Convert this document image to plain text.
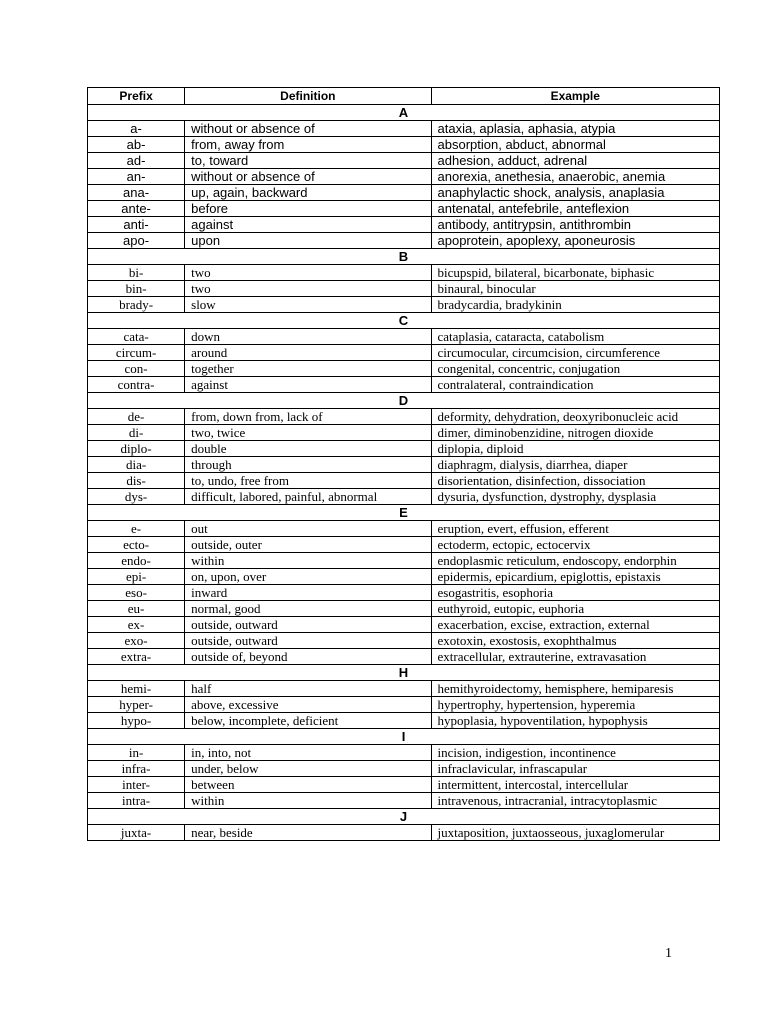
Prefix	Definition	Example
A		
a-	without or absence of	ataxia, aplasia, aphasia, atypia
ab-	from, away from	absorption, abduct, abnormal
ad-	to, toward	adhesion, adduct, adrenal
an-	without or absence of	anorexia, anethesia, anaerobic, anemia
ana-	up, again, backward	anaphylactic shock, analysis, anaplasia
ante-	before	antenatal, antefebrile, anteflexion
anti-	against	antibody, antitrypsin, antithrombin
apo-	upon	apoprotein, apoplexy, aponeurosis
B		
bi-	two	bicupspid, bilateral, bicarbonate, biphasic
bin-	two	binaural, binocular
brady-	slow	bradycardia, bradykinin
C		
cata-	down	cataplasia, cataracta, catabolism
circum-	around	circumocular, circumcision, circumference
con-	together	congenital, concentric, conjugation
contra-	against	contralateral, contraindication
D		
de-	from, down from, lack of	deformity, dehydration, deoxyribonucleic acid
di-	two, twice	dimer, diminobenzidine, nitrogen dioxide
diplo-	double	diplopia, diploid
dia-	through	diaphragm, dialysis, diarrhea, diaper
dis-	to, undo, free from	disorientation, disinfection, dissociation
dys-	difficult, labored, painful, abnormal	dysuria, dysfunction, dystrophy, dysplasia
E		
e-	out	eruption, evert, effusion, efferent
ecto-	outside, outer	ectoderm, ectopic, ectocervix
endo-	within	endoplasmic reticulum, endoscopy, endorphin
epi-	on, upon, over	epidermis, epicardium, epiglottis, epistaxis
eso-	inward	esogastritis, esophoria
eu-	normal, good	euthyroid, eutopic, euphoria
ex-	outside, outward	exacerbation, excise, extraction, external
exo-	outside, outward	exotoxin, exostosis, exophthalmus
extra-	outside of, beyond	extracellular, extrauterine, extravasation
H		
hemi-	half	hemithyroidectomy, hemisphere, hemiparesis
hyper-	above, excessive	hypertrophy, hypertension, hyperemia
hypo-	below, incomplete, deficient	hypoplasia, hypoventilation, hypophysis
I		
in-	in, into, not	incision, indigestion, incontinence
infra-	under, below	infraclavicular, infrascapular
inter-	between	intermittent, intercostal, intercellular
intra-	within	intravenous, intracranial, intracytoplasmic
J		
juxta-	near, beside	juxtaposition, juxtaosseous, juxaglomerular
1
